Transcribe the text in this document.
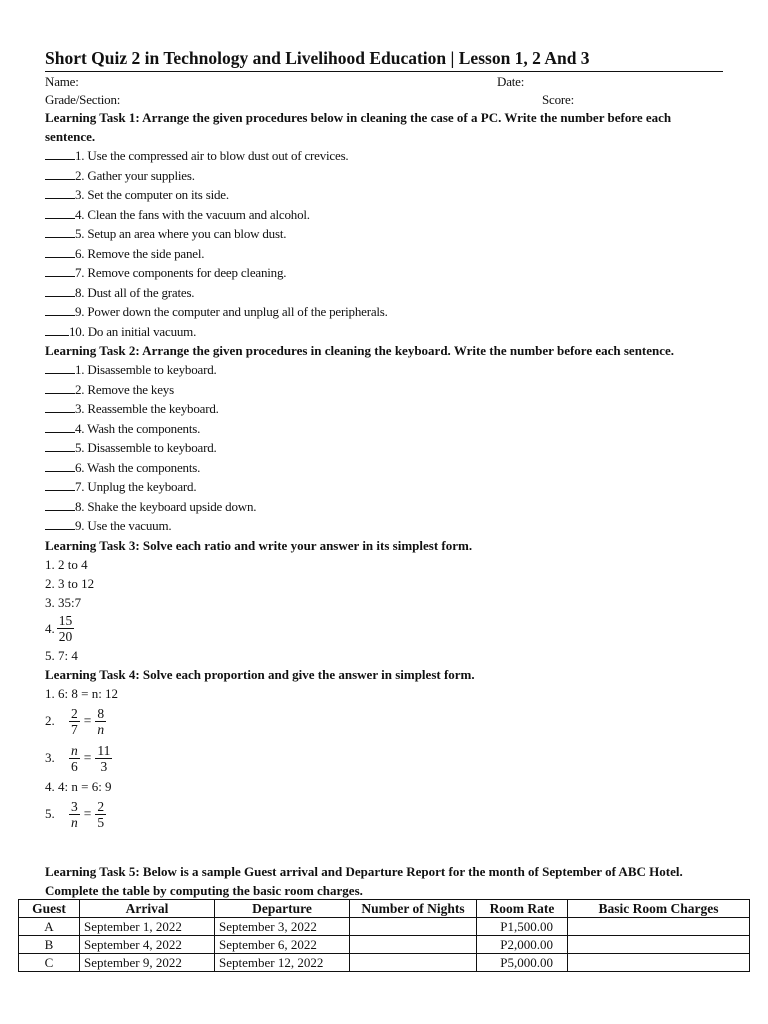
Short Quiz 2 in Technology and Livelihood Education | Lesson 1, 2 And 3
Name:	Date:
Grade/Section:	Score:
Learning Task 1: Arrange the given procedures below in cleaning the case of a PC. Write the number before each sentence.
1. Use the compressed air to blow dust out of crevices.
2. Gather your supplies.
3. Set the computer on its side.
4. Clean the fans with the vacuum and alcohol.
5. Setup an area where you can blow dust.
6. Remove the side panel.
7. Remove components for deep cleaning.
8. Dust all of the grates.
9. Power down the computer and unplug all of the peripherals.
10. Do an initial vacuum.
Learning Task 2: Arrange the given procedures in cleaning the keyboard. Write the number before each sentence.
1. Disassemble to keyboard.
2. Remove the keys
3. Reassemble the keyboard.
4. Wash the components.
5. Disassemble to keyboard.
6. Wash the components.
7. Unplug the keyboard.
8. Shake the keyboard upside down.
9. Use the vacuum.
Learning Task 3: Solve each ratio and write your answer in its simplest form.
1. 2 to 4
2. 3 to 12
3. 35:7
4. $\frac{15}{20}$
5. 7: 4
Learning Task 4: Solve each proportion and give the answer in simplest form.
1. 6: 8 = n: 12
2.	$\frac{2}{7} = \frac{8}{n}$
3.	$\frac{n}{6} = \frac{11}{3}$
4. 4: n = 6: 9
5.	$\frac{3}{n} = \frac{2}{5}$
Learning Task 5: Below is a sample Guest arrival and Departure Report for the month of September of ABC Hotel. Complete the table by computing the basic room charges.
Guest	Arrival	Departure	Number of Nights	Room Rate	Basic Room Charges
A	September 1, 2022	September 3, 2022		P1,500.00	
B	September 4, 2022	September 6, 2022		P2,000.00	
C	September 9, 2022	September 12, 2022		P5,000.00	
